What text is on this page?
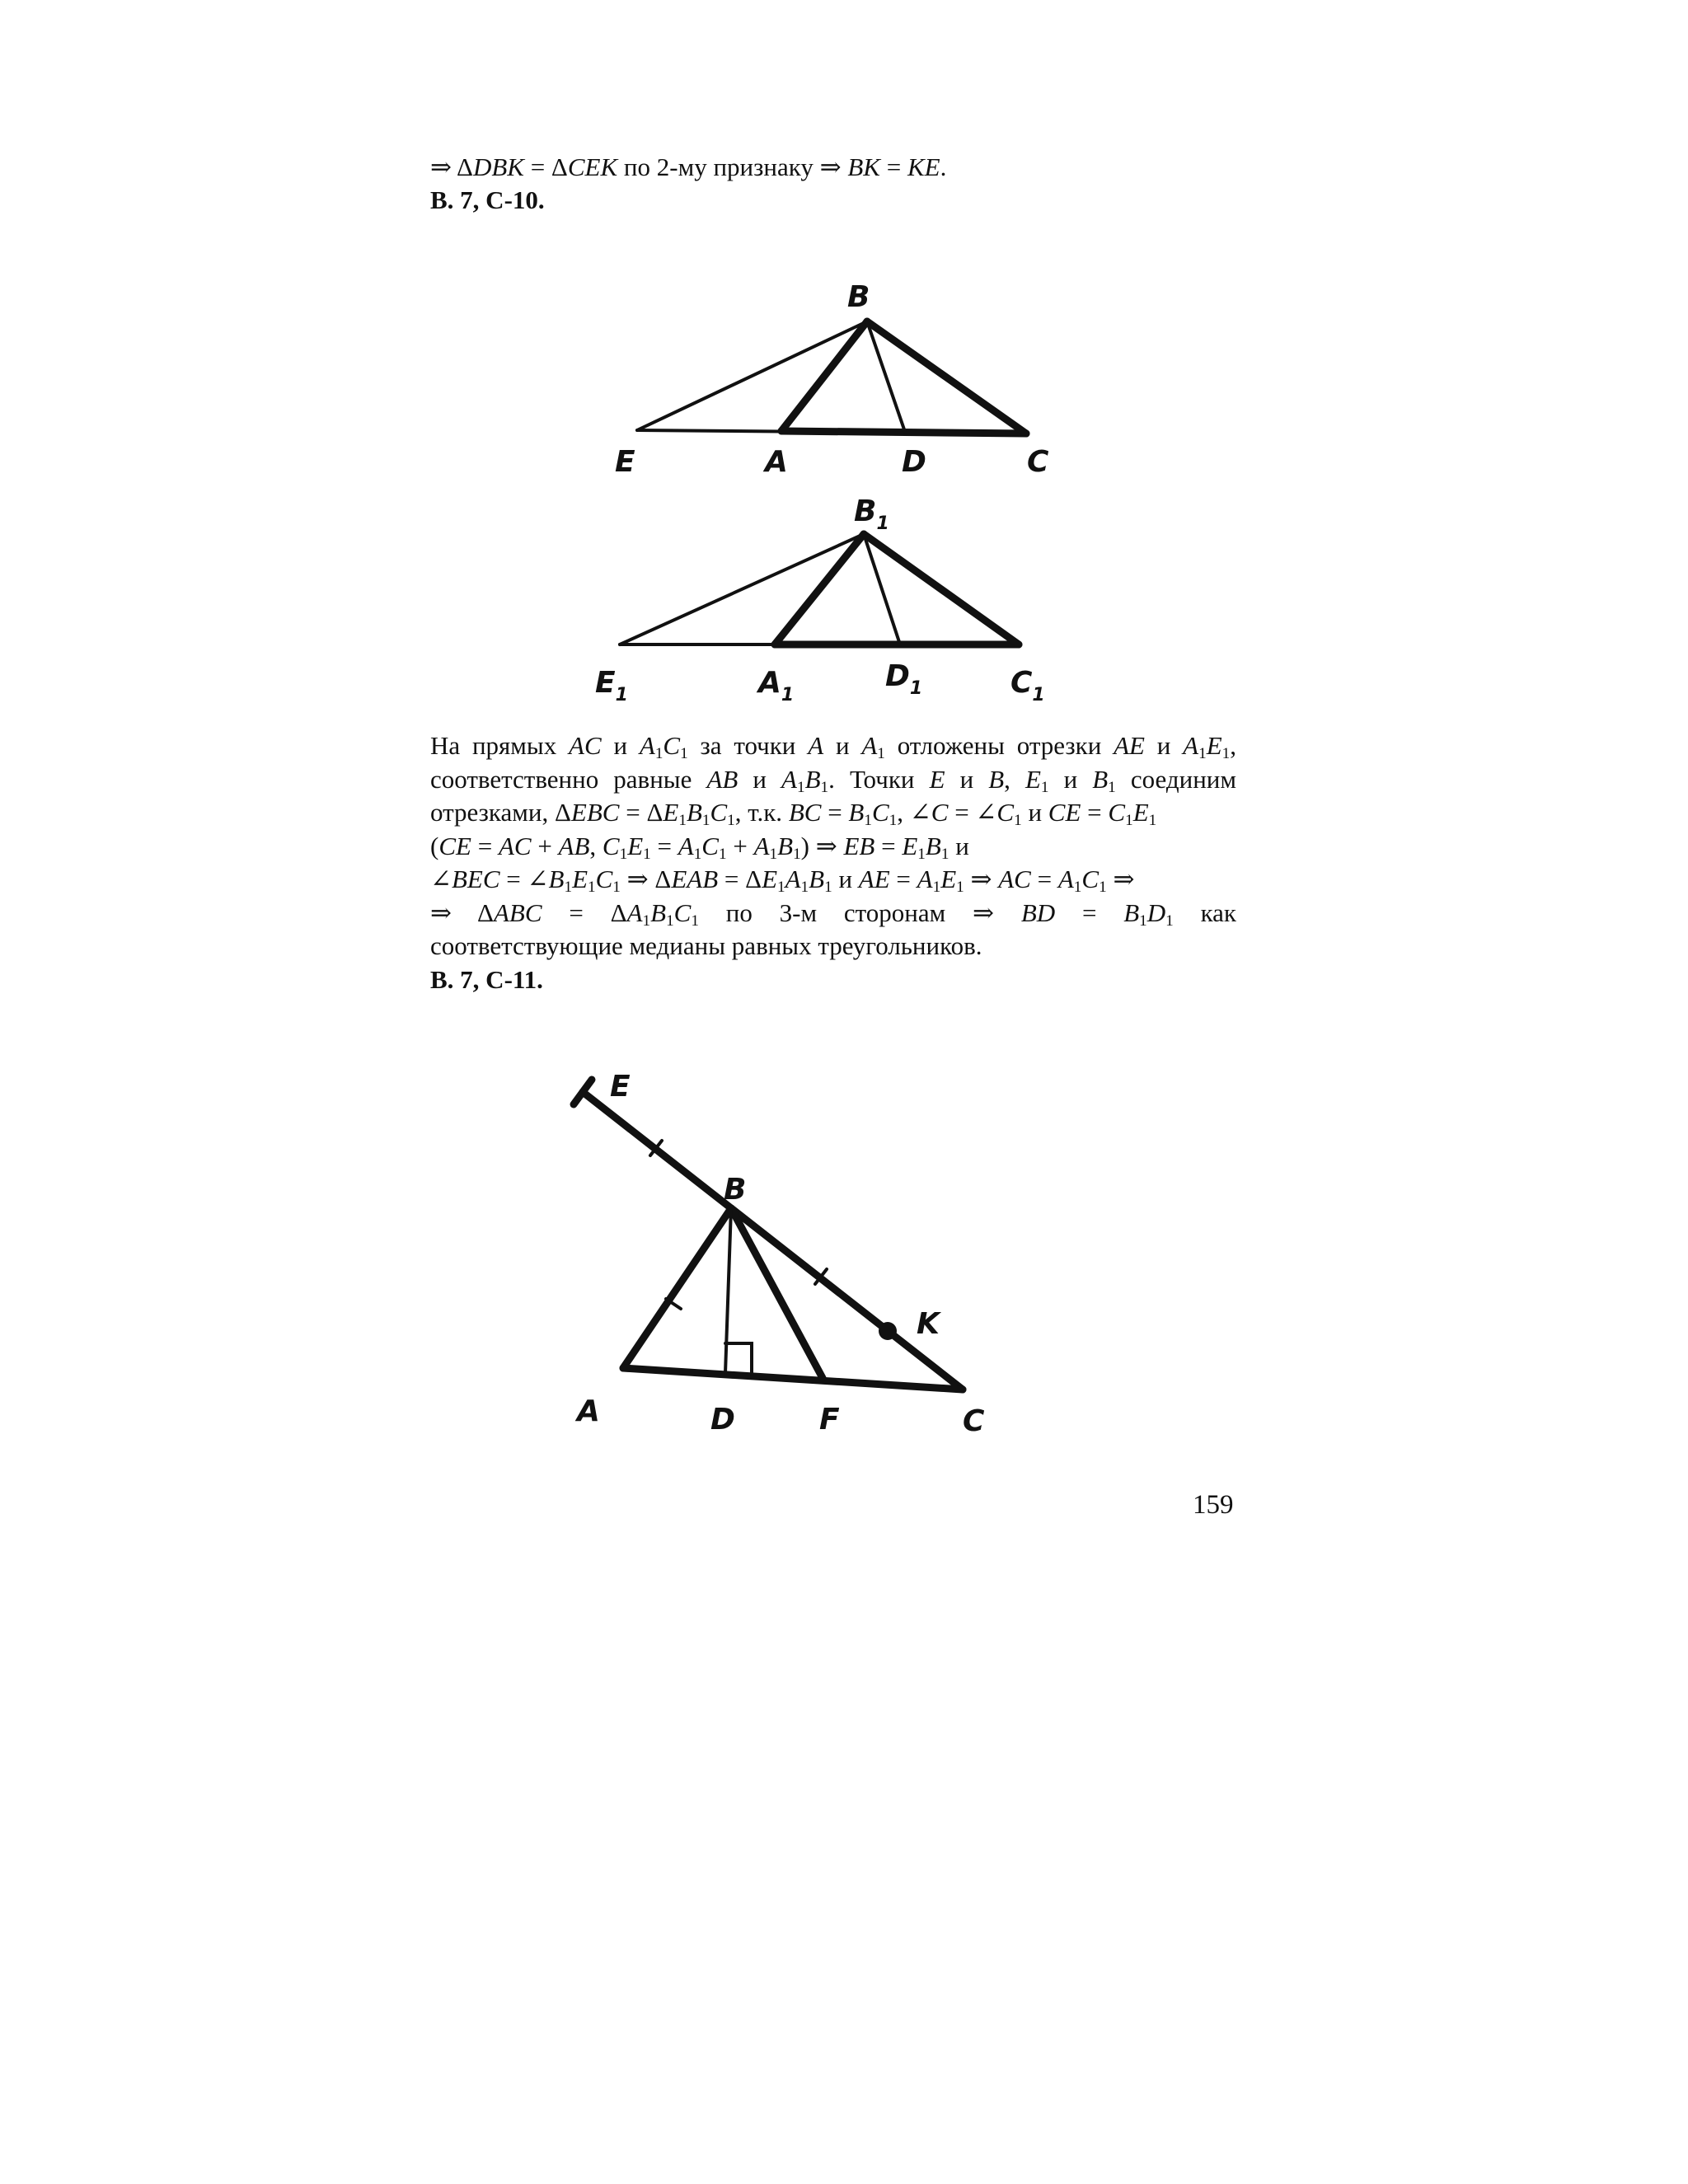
⇒ ΔDBK = ΔCEK по 2-му признаку ⇒ BK = KE.
В. 7, С-10.
B
E	A	D	C
$B_1$
$E_1$	$A_1$
$D_1$	$C_1$
На прямых AC и $A_1C_1$ за точки A и $A_1$ отложены отрезки AE и $A_1E_1$,
соответственно равные AB и $A_1B_1$. Точки E и B, $E_1$ и $B_1$ соединим
отрезками, $\Delta EBC = \Delta E_1B_1C_1$, т.к. BC = $B_1C_1$, ∠C = $\angle C_1$ и CE = $C_1E_1$
(CE = AC + AB, $C_1E_1 = A_1C_1 + A_1B_1$) ⇒ EB = $E_1B_1$ и
∠BEC = $\angle B_1E_1C_1$ ⇒ $\Delta EAB = \Delta E_1A_1B_1$ и AE = $A_1E_1$ ⇒ AC = $A_1C_1$ ⇒
⇒ $\Delta ABC = \Delta A_1B_1C_1$ по 3-м сторонам ⇒ BD = $B_1D_1$ как
соответствующие медианы равных треугольников.
В. 7, С-11.
E
B
K
A	D	F	C
159
